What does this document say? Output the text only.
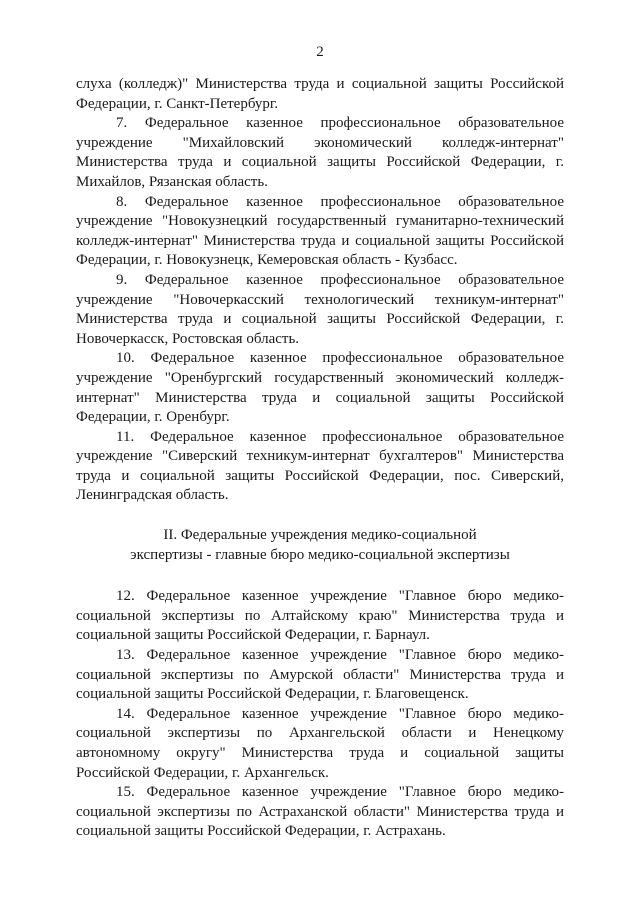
2

слуха (колледж)" Министерства труда и социальной защиты Российской Федерации, г. Санкт-Петербург.

7. Федеральное казенное профессиональное образовательное учреждение "Михайловский экономический колледж-интернат" Министерства труда и социальной защиты Российской Федерации, г. Михайлов, Рязанская область.

8. Федеральное казенное профессиональное образовательное учреждение "Новокузнецкий государственный гуманитарно-технический колледж-интернат" Министерства труда и социальной защиты Российской Федерации, г. Новокузнецк, Кемеровская область - Кузбасс.

9. Федеральное казенное профессиональное образовательное учреждение "Новочеркасский технологический техникум-интернат" Министерства труда и социальной защиты Российской Федерации, г. Новочеркасск, Ростовская область.

10. Федеральное казенное профессиональное образовательное учреждение "Оренбургский государственный экономический колледж-интернат" Министерства труда и социальной защиты Российской Федерации, г. Оренбург.

11. Федеральное казенное профессиональное образовательное учреждение "Сиверский техникум-интернат бухгалтеров" Министерства труда и социальной защиты Российской Федерации, пос. Сиверский, Ленинградская область.

II. Федеральные учреждения медико-социальной
экспертизы - главные бюро медико-социальной экспертизы

12. Федеральное казенное учреждение "Главное бюро медико-социальной экспертизы по Алтайскому краю" Министерства труда и социальной защиты Российской Федерации, г. Барнаул.

13. Федеральное казенное учреждение "Главное бюро медико-социальной экспертизы по Амурской области" Министерства труда и социальной защиты Российской Федерации, г. Благовещенск.

14. Федеральное казенное учреждение "Главное бюро медико-социальной экспертизы по Архангельской области и Ненецкому автономному округу" Министерства труда и социальной защиты Российской Федерации, г. Архангельск.

15. Федеральное казенное учреждение "Главное бюро медико-социальной экспертизы по Астраханской области" Министерства труда и социальной защиты Российской Федерации, г. Астрахань.
